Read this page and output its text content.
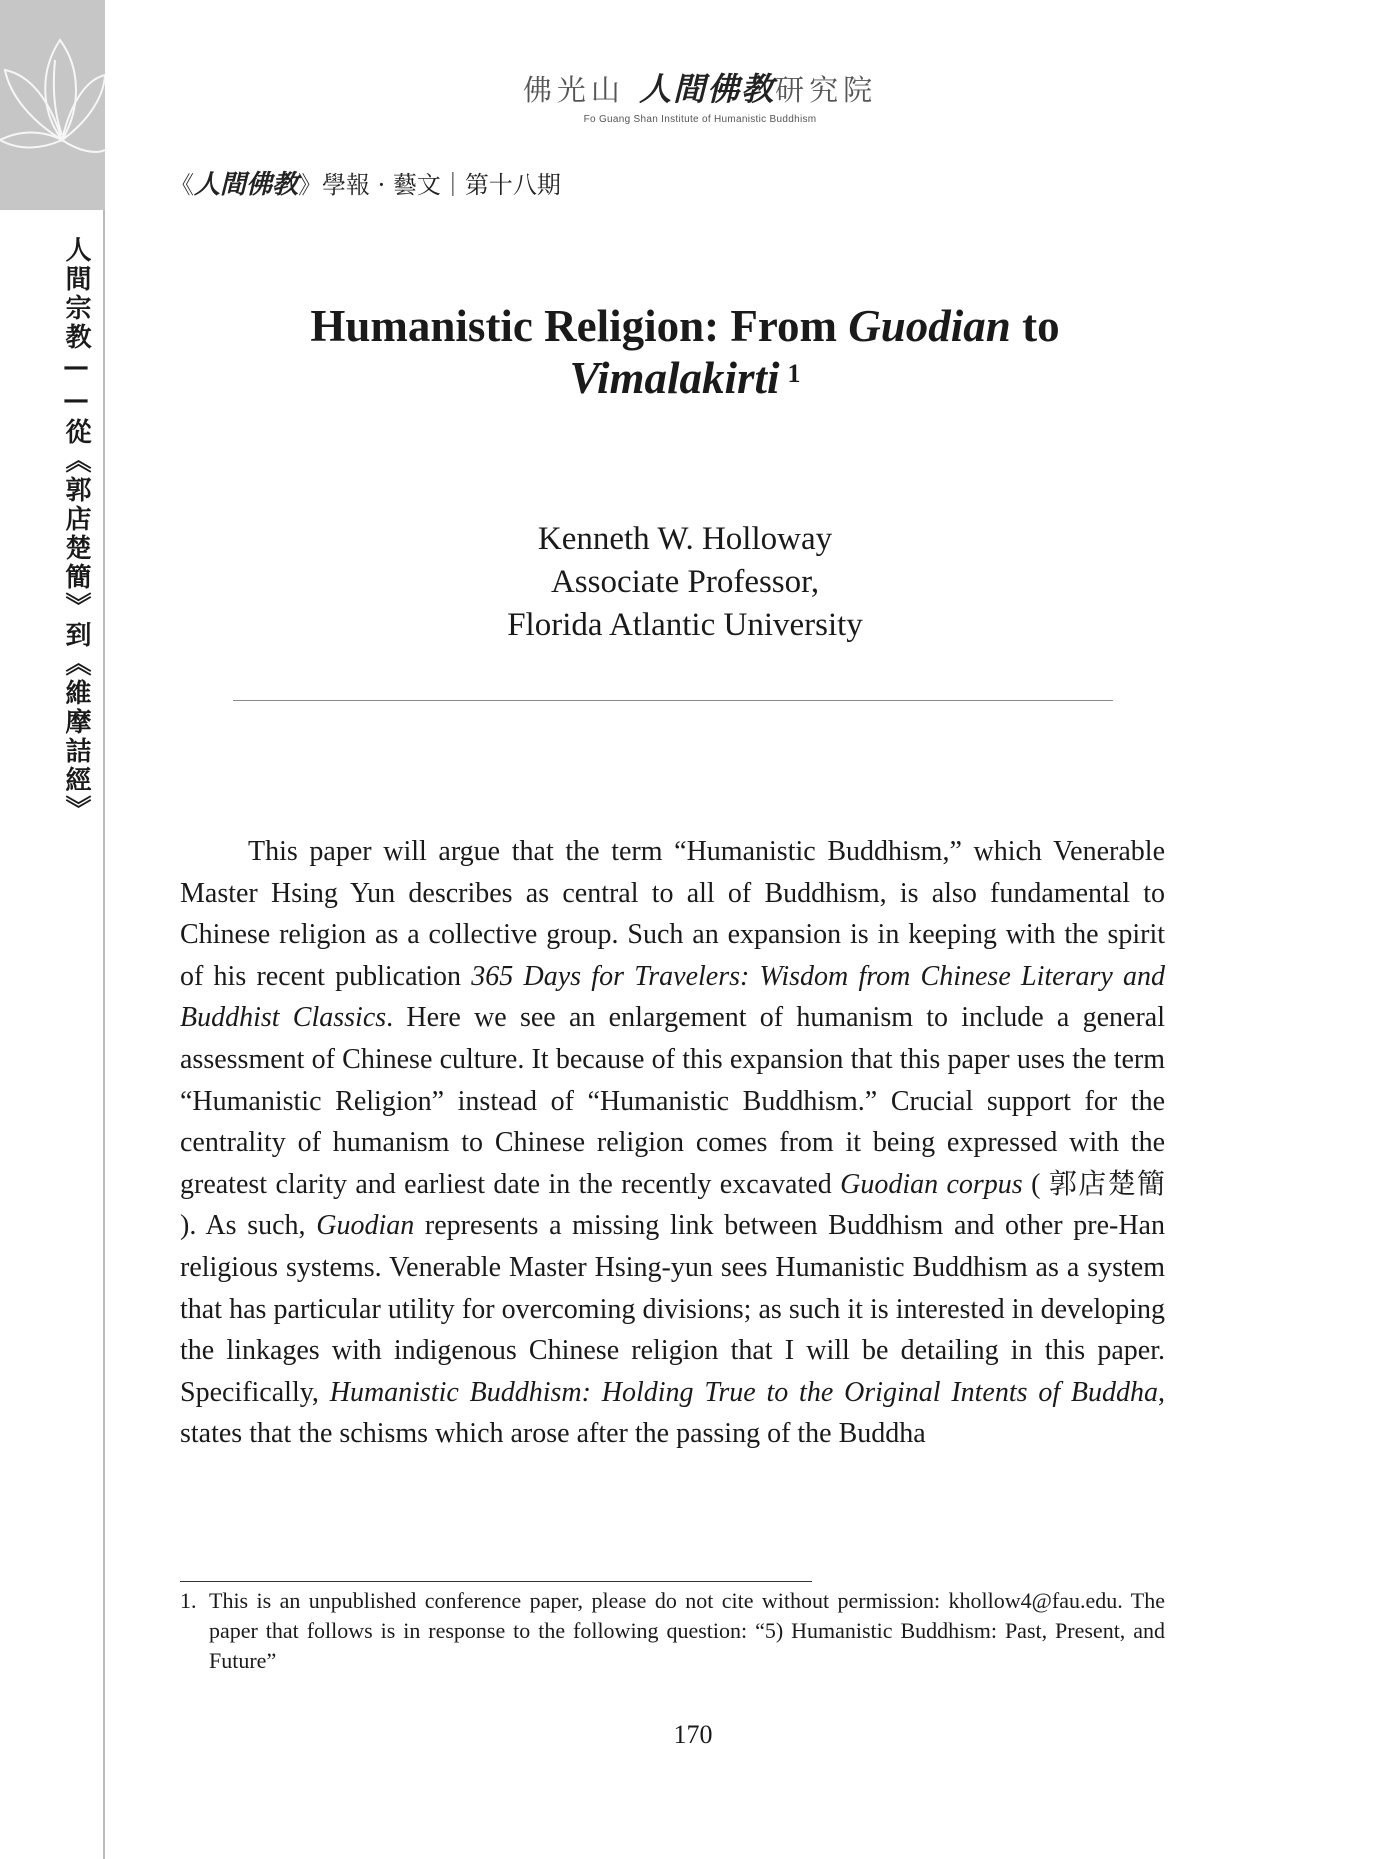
人間宗教——從《郭店楚簡》到《維摩詰經》
佛光山 人間佛教研究院
Fo Guang Shan Institute of Humanistic Buddhism
《人間佛教》學報 · 藝文｜第十八期
Humanistic Religion: From Guodian to
Vimalakirti $^1$
Kenneth W. Holloway
Associate Professor,
Florida Atlantic University

This paper will argue that the term “Humanistic Buddhism,” which Venerable Master Hsing Yun describes as central to all of Buddhism, is also fundamental to Chinese religion as a collective group. Such an expansion is in keeping with the spirit of his recent publication 365 Days for Travelers: Wisdom from Chinese Literary and Buddhist Classics. Here we see an enlargement of humanism to include a general assessment of Chinese culture. It because of this expansion that this paper uses the term “Humanistic Religion” instead of “Humanistic Buddhism.” Crucial support for the centrality of humanism to Chinese religion comes from it being expressed with the greatest clarity and earliest date in the recently excavated Guodian corpus ( 郭店楚簡 ). As such, Guodian represents a missing link between Buddhism and other pre-Han religious systems. Venerable Master Hsing-yun sees Humanistic Buddhism as a system that has particular utility for overcoming divisions; as such it is interested in developing the linkages with indigenous Chinese religion that I will be detailing in this paper. Specifically, Humanistic Buddhism: Holding True to the Original Intents of Buddha, states that the schisms which arose after the passing of the Buddha

1. This is an unpublished conference paper, please do not cite without permission: khollow4@fau.edu. The paper that follows is in response to the following question: “5) Humanistic Buddhism: Past, Present, and Future”
170
